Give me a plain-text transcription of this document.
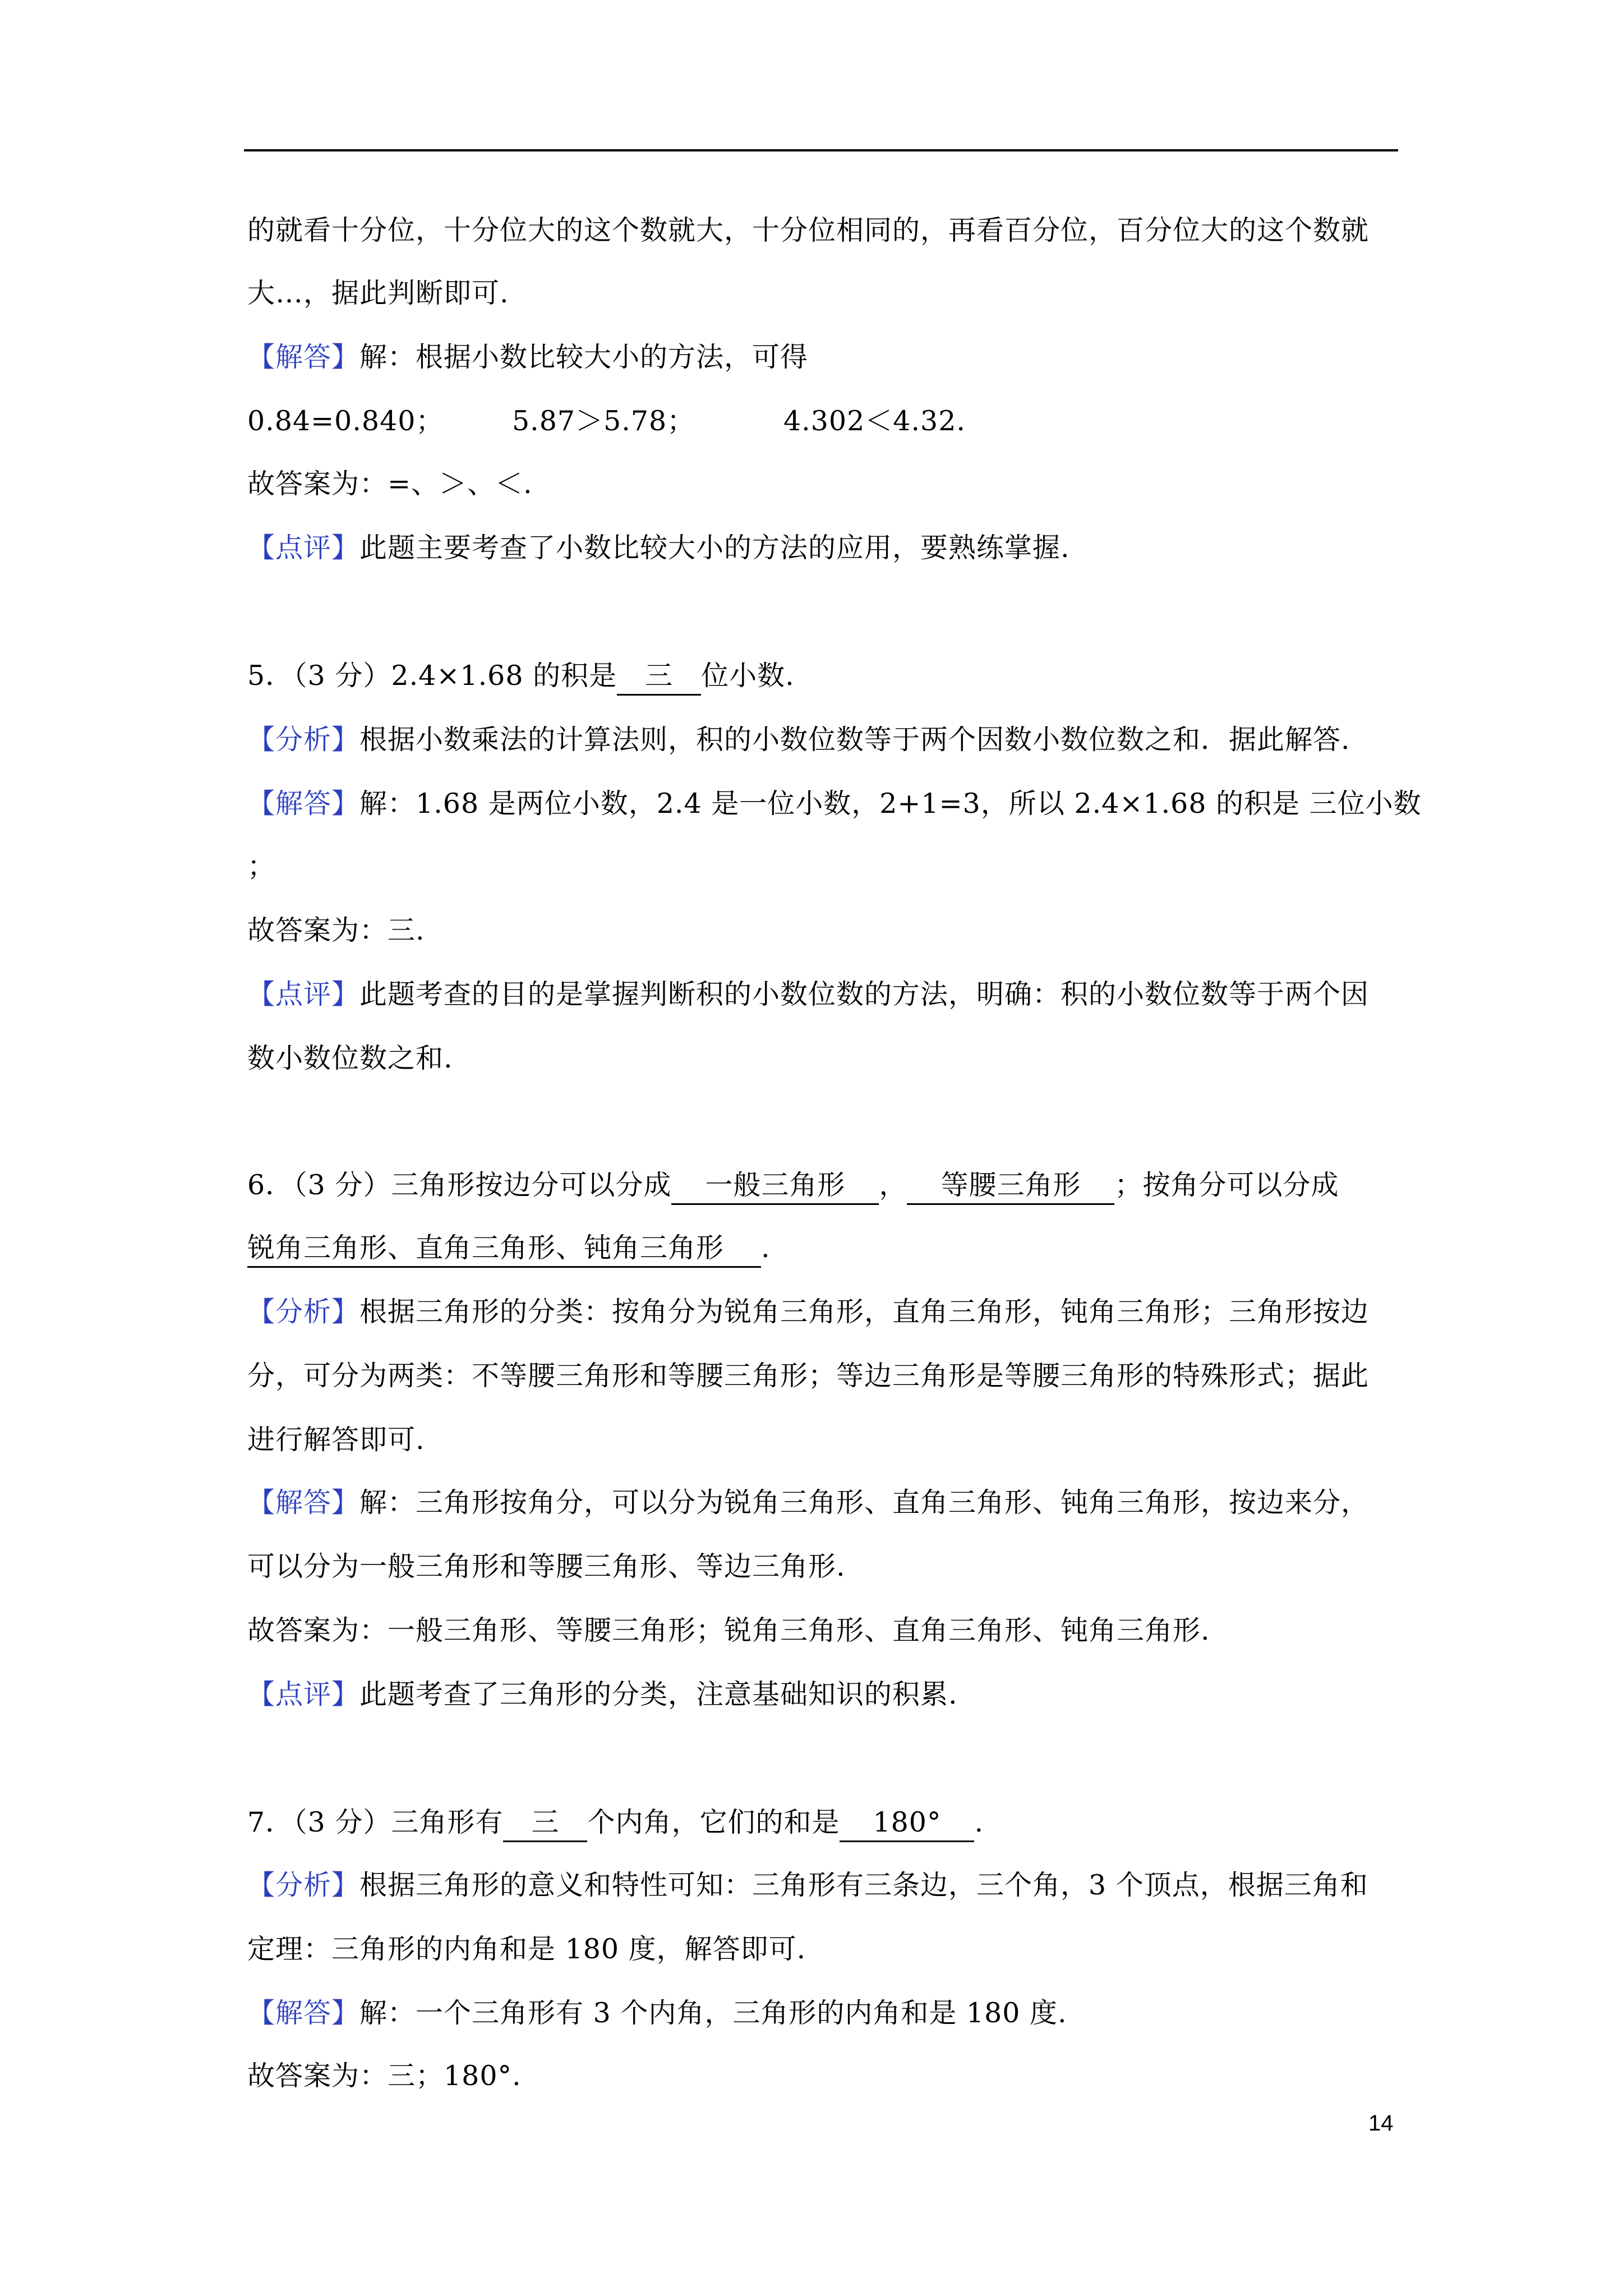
的就看十分位，十分位大的这个数就大，十分位相同的，再看百分位，百分位大的这个数就
大…，据此判断即可.
【解答】解：根据小数比较大小的方法，可得
0.84=0.840； 5.87＞5.78；	4.302＜4.32.
故答案为：=、＞、＜.
【点评】此题主要考查了小数比较大小的方法的应用，要熟练掌握.
5．（3 分）2.4×1.68 的积是 三 位小数.
【分析】根据小数乘法的计算法则，积的小数位数等于两个因数小数位数之和．据此解答.
【解答】解：1.68 是两位小数，2.4 是一位小数，2+1=3，所以 2.4×1.68 的积是 三位小数
；
故答案为：三.
【点评】此题考查的目的是掌握判断积的小数位数的方法，明确：积的小数位数等于两个因
数小数位数之和.
6．（3 分）三角形按边分可以分成 一般三角形 ， 等腰三角形 ；按角分可以分成
锐角三角形、直角三角形、钝角三角形 .
【分析】根据三角形的分类：按角分为锐角三角形，直角三角形，钝角三角形；三角形按边
分，可分为两类：不等腰三角形和等腰三角形；等边三角形是等腰三角形的特殊形式；据此
进行解答即可.
【解答】解：三角形按角分，可以分为锐角三角形、直角三角形、钝角三角形，按边来分，
可以分为一般三角形和等腰三角形、等边三角形.
故答案为：一般三角形、等腰三角形；锐角三角形、直角三角形、钝角三角形.
【点评】此题考查了三角形的分类，注意基础知识的积累.
7．（3 分）三角形有 三 个内角，它们的和是 180° .
【分析】根据三角形的意义和特性可知：三角形有三条边，三个角，3 个顶点，根据三角和
定理：三角形的内角和是 180 度，解答即可.
【解答】解：一个三角形有 3 个内角，三角形的内角和是 180 度.
故答案为：三；180°.
14
